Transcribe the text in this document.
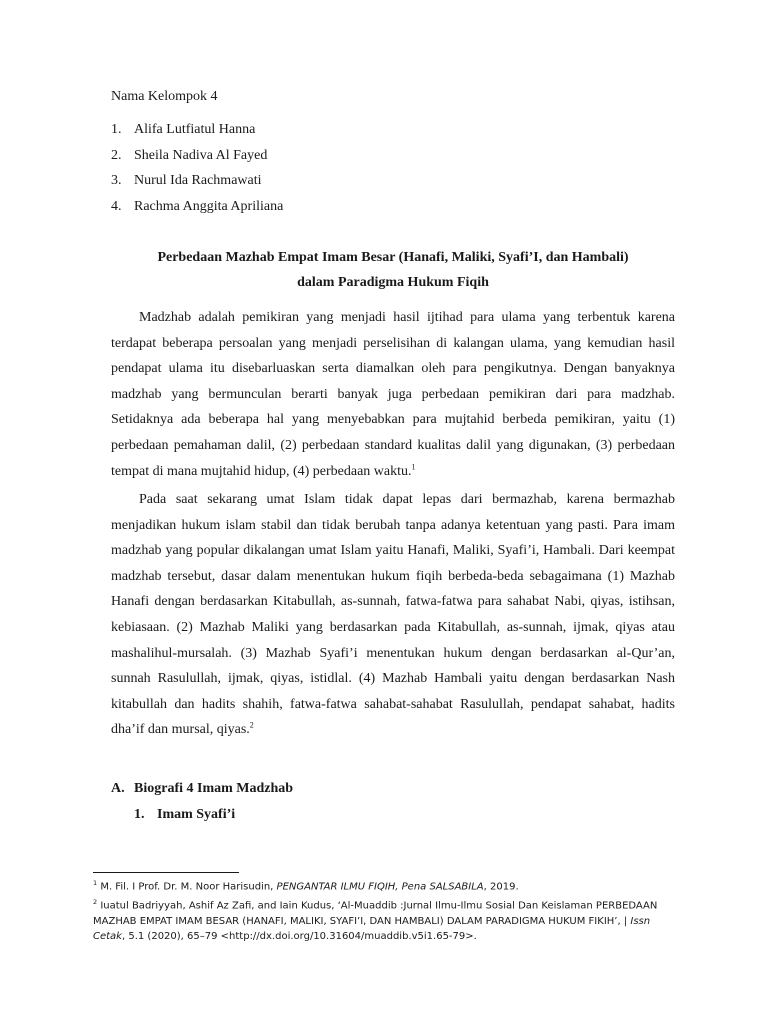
Nama Kelompok 4
1. Alifa Lutfiatul Hanna
2. Sheila Nadiva Al Fayed
3. Nurul Ida Rachmawati
4. Rachma Anggita Apriliana
Perbedaan Mazhab Empat Imam Besar (Hanafi, Maliki, Syafi’I, dan Hambali)
dalam Paradigma Hukum Fiqih

Madzhab adalah pemikiran yang menjadi hasil ijtihad para ulama yang terbentuk karena terdapat beberapa persoalan yang menjadi perselisihan di kalangan ulama, yang kemudian hasil pendapat ulama itu disebarluaskan serta diamalkan oleh para pengikutnya. Dengan banyaknya madzhab yang bermunculan berarti banyak juga perbedaan pemikiran dari para madzhab. Setidaknya ada beberapa hal yang menyebabkan para mujtahid berbeda pemikiran, yaitu (1) perbedaan pemahaman dalil, (2) perbedaan standard kualitas dalil yang digunakan, (3) perbedaan tempat di mana mujtahid hidup, (4) perbedaan waktu.$^1$

Pada saat sekarang umat Islam tidak dapat lepas dari bermazhab, karena bermazhab menjadikan hukum islam stabil dan tidak berubah tanpa adanya ketentuan yang pasti. Para imam madzhab yang popular dikalangan umat Islam yaitu Hanafi, Maliki, Syafi’i, Hambali. Dari keempat madzhab tersebut, dasar dalam menentukan hukum fiqih berbeda-beda sebagaimana (1) Mazhab Hanafi dengan berdasarkan Kitabullah, as-sunnah, fatwa-fatwa para sahabat Nabi, qiyas, istihsan, kebiasaan. (2) Mazhab Maliki yang berdasarkan pada Kitabullah, as-sunnah, ijmak, qiyas atau mashalihul-mursalah. (3) Mazhab Syafi’i menentukan hukum dengan berdasarkan al-Qur’an, sunnah Rasulullah, ijmak, qiyas, istidlal. (4) Mazhab Hambali yaitu dengan berdasarkan Nash kitabullah dan hadits shahih, fatwa-fatwa sahabat-sahabat Rasulullah, pendapat sahabat, hadits dha’if dan mursal, qiyas.$^2$

A. Biografi 4 Imam Madzhab
1. Imam Syafi’i

$^1$ M. Fil. I Prof. Dr. M. Noor Harisudin, PENGANTAR ILMU FIQIH, Pena SALSABILA, 2019.

$^2$ Iuatul Badriyyah, Ashif Az Zafi, and Iain Kudus, ‘Al-Muaddib :Jurnal Ilmu-Ilmu Sosial Dan Keislaman PERBEDAAN MAZHAB EMPAT IMAM BESAR (HANAFI, MALIKI, SYAFI’I, DAN HAMBALI) DALAM PARADIGMA HUKUM FIKIH’, | Issn Cetak, 5.1 (2020), 65–79 <http://dx.doi.org/10.31604/muaddib.v5i1.65-79>.
